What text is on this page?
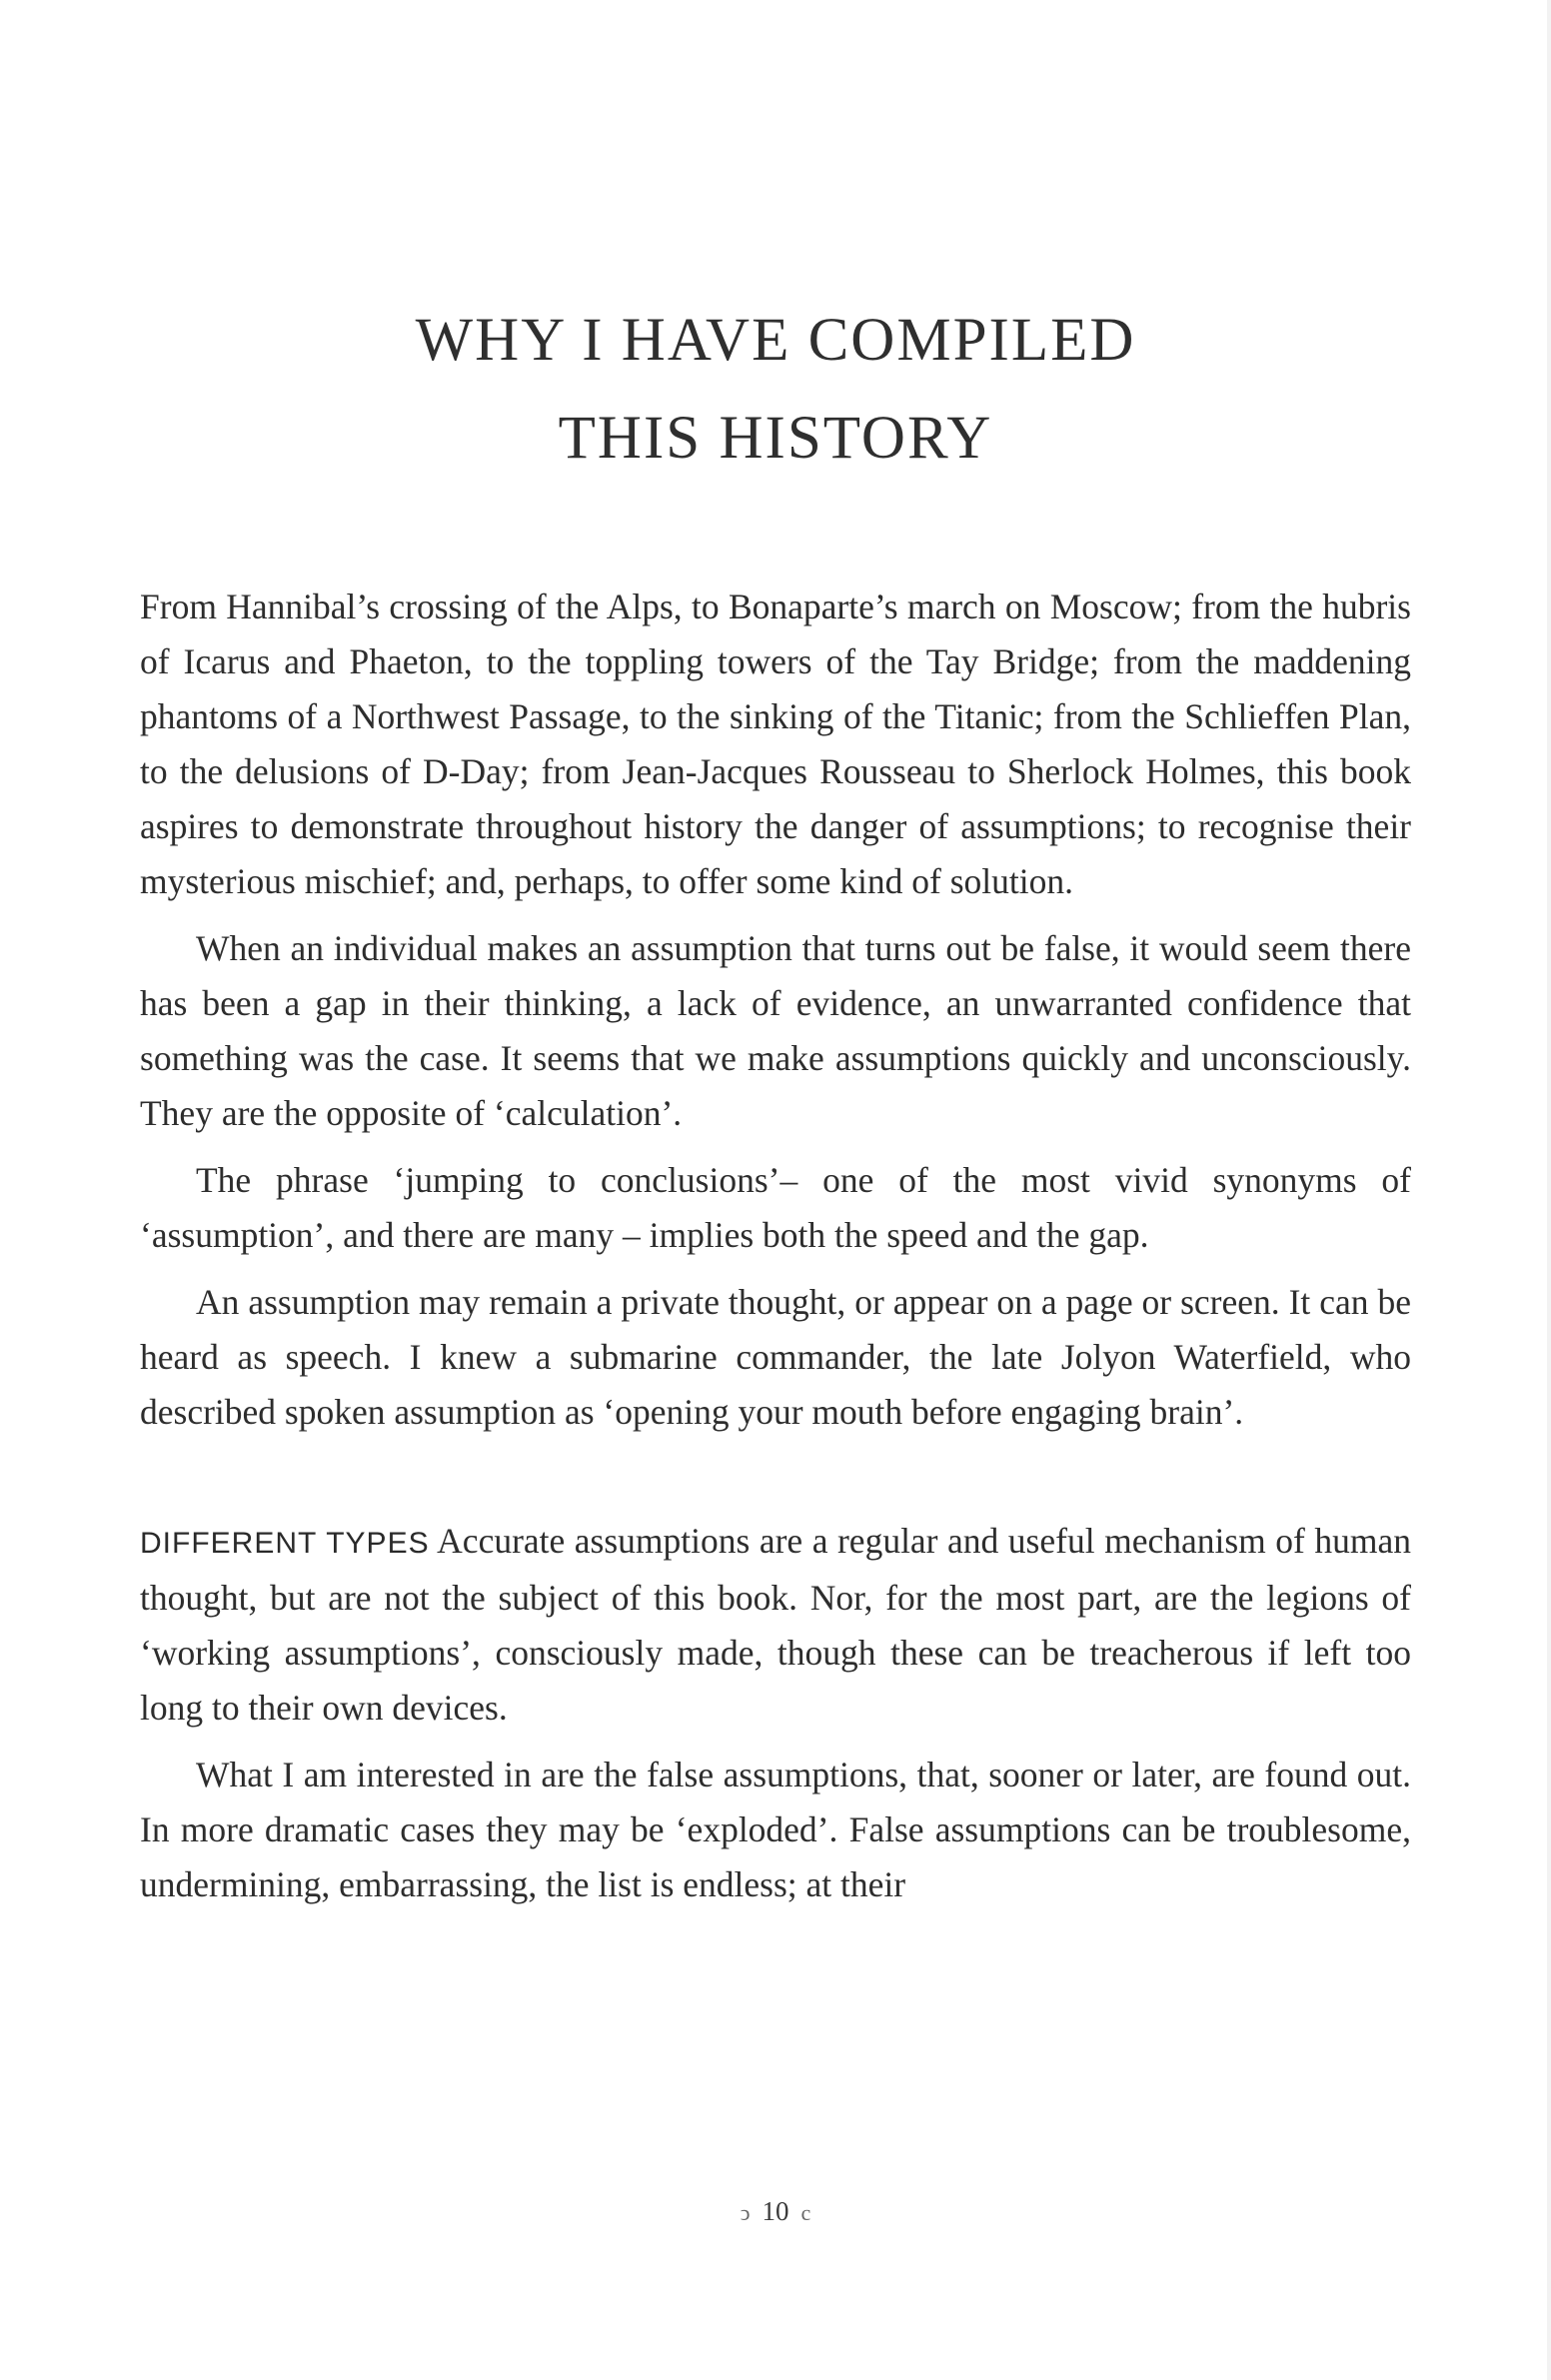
WHY I HAVE COMPILED
THIS HISTORY

From Hannibal’s crossing of the Alps, to Bonaparte’s march on Moscow; from the hubris of Icarus and Phaeton, to the toppling towers of the Tay Bridge; from the maddening phantoms of a Northwest Passage, to the sinking of the Titanic; from the Schlieffen Plan, to the delusions of D-Day; from Jean-Jacques Rousseau to Sherlock Holmes, this book aspires to demonstrate throughout history the danger of assumptions; to recognise their mysterious mischief; and, perhaps, to offer some kind of solution.

When an individual makes an assumption that turns out be false, it would seem there has been a gap in their thinking, a lack of evidence, an unwarranted confidence that something was the case. It seems that we make assumptions quickly and unconsciously. They are the opposite of ‘calculation’.

The phrase ‘jumping to conclusions’– one of the most vivid synonyms of ‘assumption’, and there are many – implies both the speed and the gap.

An assumption may remain a private thought, or appear on a page or screen. It can be heard as speech. I knew a submarine commander, the late Jolyon Waterfield, who described spoken assumption as ‘opening your mouth before engaging brain’.

DIFFERENT TYPES Accurate assumptions are a regular and useful mechanism of human thought, but are not the subject of this book. Nor, for the most part, are the legions of ‘working assumptions’, consciously made, though these can be treacherous if left too long to their own devices.

What I am interested in are the false assumptions, that, sooner or later, are found out. In more dramatic cases they may be ‘exploded’. False assumptions can be troublesome, undermining, embarrassing, the list is endless; at their

ↄ 10 c
